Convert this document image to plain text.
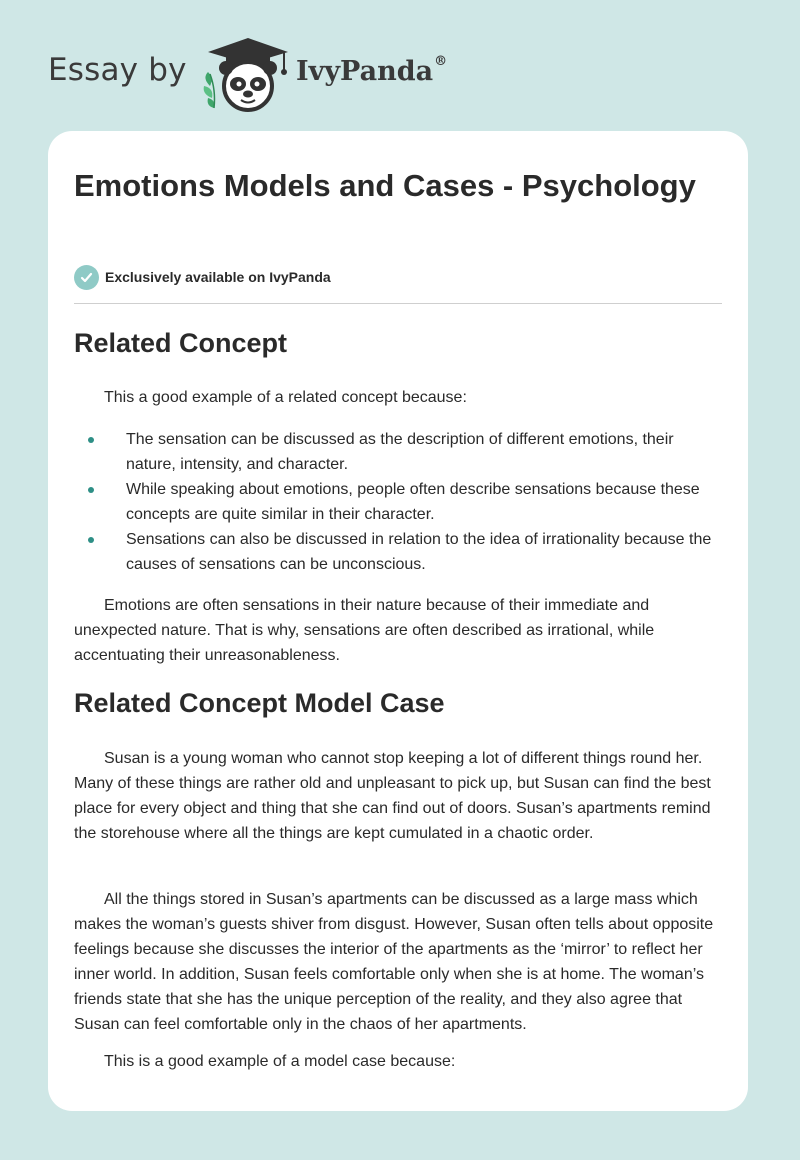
Essay by	IvyPanda®
Emotions Models and Cases - Psychology
Exclusively available on IvyPanda
Related Concept

This a good example of a related concept because:

The sensation can be discussed as the description of different emotions, their nature, intensity, and character.
While speaking about emotions, people often describe sensations because these concepts are quite similar in their character.
Sensations can also be discussed in relation to the idea of irrationality because the causes of sensations can be unconscious.

Emotions are often sensations in their nature because of their immediate and unexpected nature. That is why, sensations are often described as irrational, while accentuating their unreasonableness.

Related Concept Model Case

Susan is a young woman who cannot stop keeping a lot of different things round her. Many of these things are rather old and unpleasant to pick up, but Susan can find the best place for every object and thing that she can find out of doors. Susan’s apartments remind the storehouse where all the things are kept cumulated in a chaotic order.

All the things stored in Susan’s apartments can be discussed as a large mass which makes the woman’s guests shiver from disgust. However, Susan often tells about opposite feelings because she discusses the interior of the apartments as the ‘mirror’ to reflect her inner world. In addition, Susan feels comfortable only when she is at home. The woman’s friends state that she has the unique perception of the reality, and they also agree that Susan can feel comfortable only in the chaos of her apartments.

This is a good example of a model case because:
